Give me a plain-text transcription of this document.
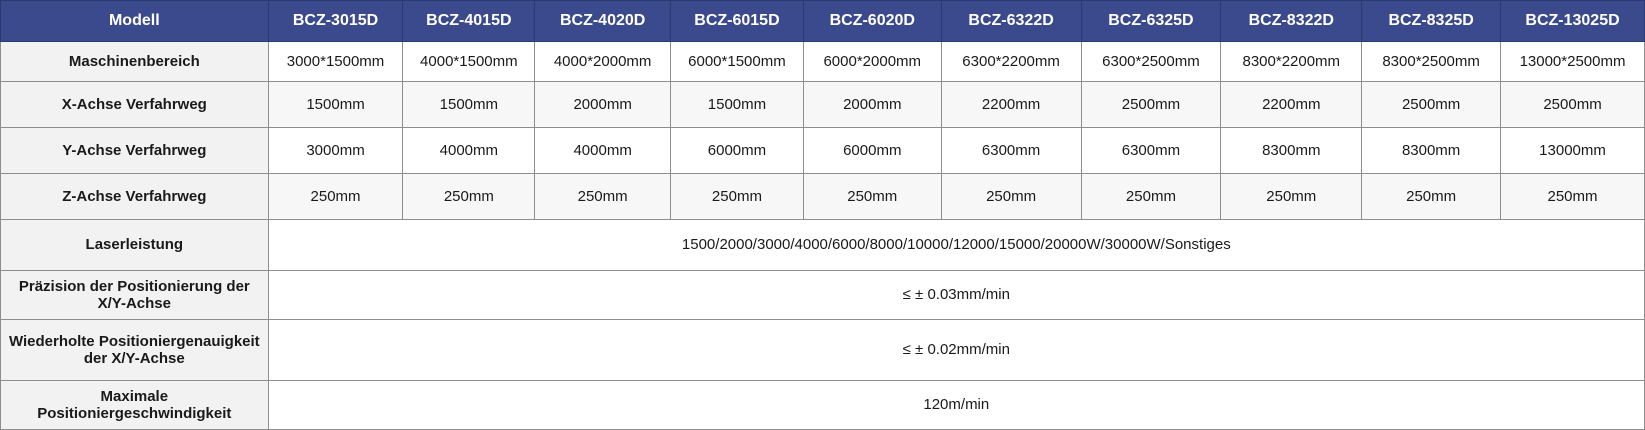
Modell	BCZ-3015D	BCZ-4015D	BCZ-4020D	BCZ-6015D	BCZ-6020D	BCZ-6322D	BCZ-6325D	BCZ-8322D	BCZ-8325D	BCZ-13025D
Maschinenbereich	3000*1500mm	4000*1500mm	4000*2000mm	6000*1500mm	6000*2000mm	6300*2200mm	6300*2500mm	8300*2200mm	8300*2500mm	13000*2500mm
X-Achse Verfahrweg	1500mm	1500mm	2000mm	1500mm	2000mm	2200mm	2500mm	2200mm	2500mm	2500mm
Y-Achse Verfahrweg	3000mm	4000mm	4000mm	6000mm	6000mm	6300mm	6300mm	8300mm	8300mm	13000mm
Z-Achse Verfahrweg	250mm	250mm	250mm	250mm	250mm	250mm	250mm	250mm	250mm	250mm
Laserleistung	1500/2000/3000/4000/6000/8000/10000/12000/15000/20000W/30000W/Sonstiges									
Präzision der Positionierung der X/Y-Achse	≤ ± 0.03mm/min									
Wiederholte Positioniergenauigkeit der X/Y-Achse	≤ ± 0.02mm/min									
Maximale Positioniergeschwindigkeit	120m/min									
